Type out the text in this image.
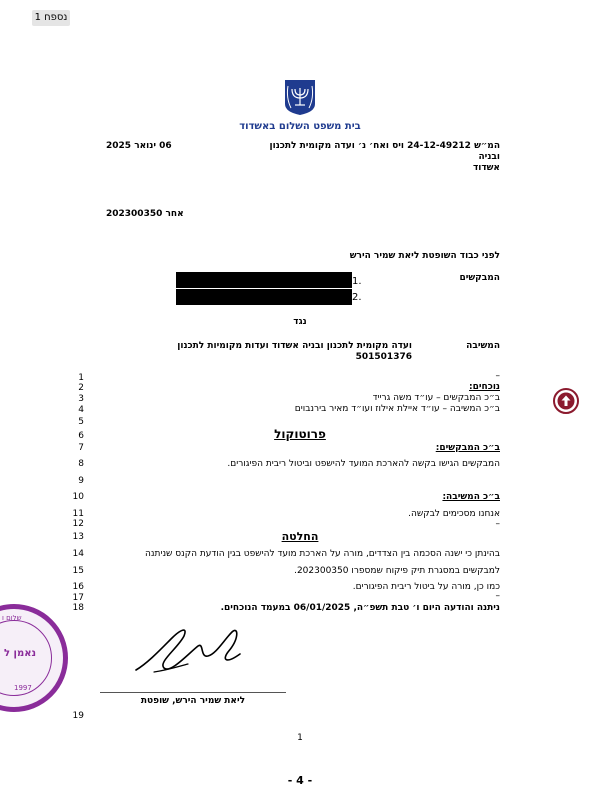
נספח 1
בית משפט השלום באשדוד
המ״ש 24-12-49212 ויס ואח׳ נ׳ ועדה מקומית לתכנון ובניה
אשדוד
06 ינואר 2025
אחר 202300350
לפני כבוד השופטת ליאת שמיר הירש
המבקשים
1.
2.
נגד
המשיבה
ועדה מקומית לתכנון ובניה אשדוד ועדות מקומיות לתכנון
501501376
1
2
3
4
5
6
7
8
9
10
11
12
13
14
15
16
17
18
19
–
–
–
נוכחים:
ב״כ המבקשים – עו״ד משה גרייד
ב״כ המשיבה – עו״ד איילת אילוז ועו״ד מאיר בירנבוים
פרוטוקול
ב״כ המבקשים:
המבקשים הגישו בקשה להארכת המועד להישפט וביטול ריבית הפיגורים.
ב״כ המשיבה:
אנחנו מסכימים לבקשה.
החלטה
בהינתן כי ישנה הסכמה בין הצדדים, מורה על הארכת מועד להישפט בגין הודעת הקנס שניתנה
למבקשים במסגרת תיק פיקוח שמספרו 202300350.
כמו כן, מורה על ביטול ריבית הפיגורים.
ניתנה והודעה היום ו׳ טבת תשפ״ה, 06/01/2025 במעמד הנוכחים.
ליאת שמיר הירש, שופטת
1
- 4 -
שלום ו
נאמן ל
1997
